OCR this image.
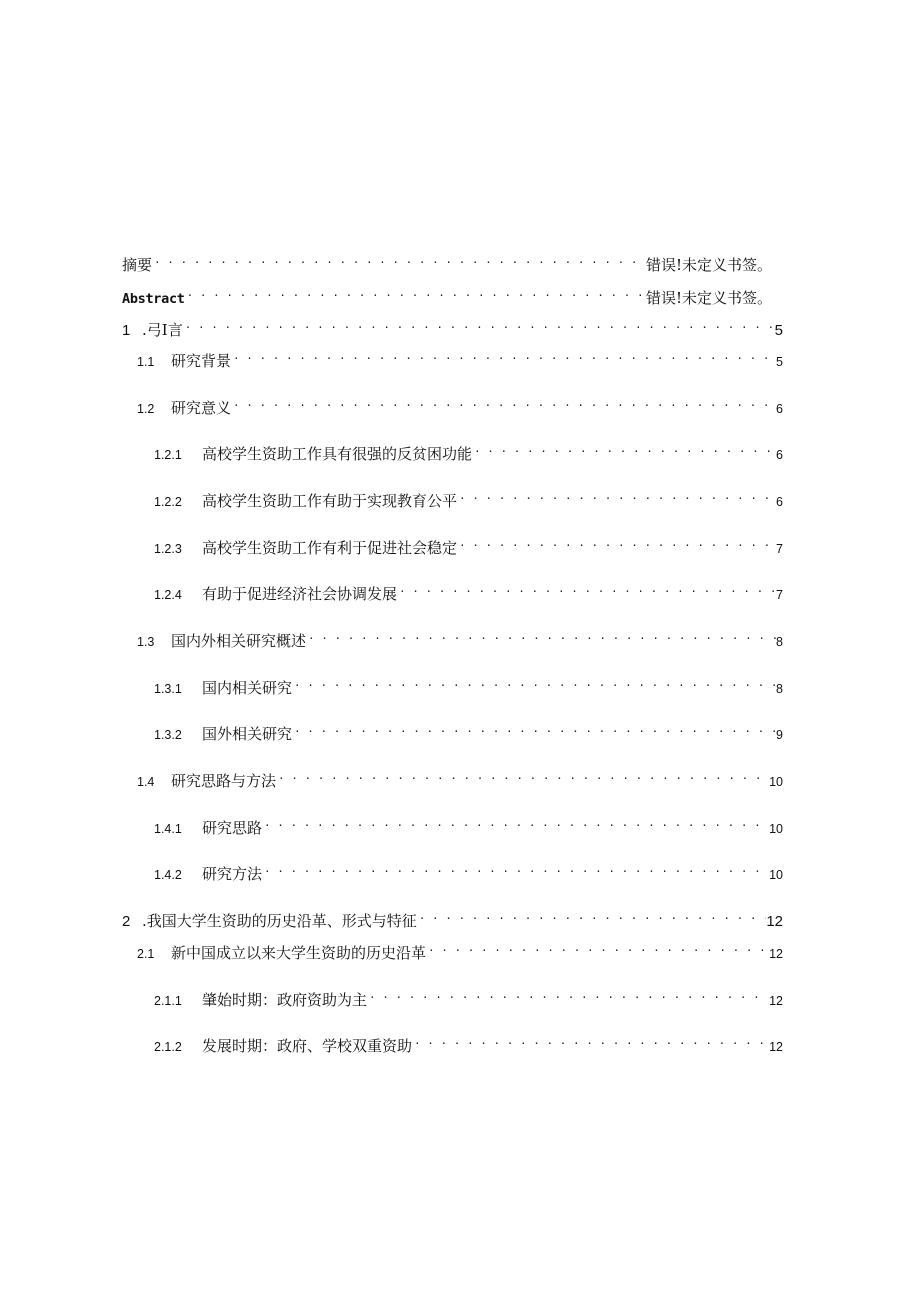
摘要 . . .	错误!未定义书签。
Abstract . . .	错误!未定义书签。
1 .弓I言 . . .	5
1.1	研究背景 . . .	5
1.2	研究意义 . . .	6
1.2.1	高校学生资助工作具有很强的反贫困功能 . . .	6
1.2.2	高校学生资助工作有助于实现教育公平 . . .	6
1.2.3	高校学生资助工作有利于促进社会稳定 . . .	7
1.2.4	有助于促进经济社会协调发展 . . .	7
1.3	国内外相关研究概述 . . .	8
1.3.1	国内相关研究 . . .	8
1.3.2	国外相关研究 . . .	9
1.4	研究思路与方法 . . .	10
1.4.1	研究思路 . . .	10
1.4.2	研究方法 . . .	10
2 .我国大学生资助的历史沿革、形式与特征 . . .	12
2.1	新中国成立以来大学生资助的历史沿革 . . .	12
2.1.1	肇始时期：政府资助为主 . . .	12
2.1.2	发展时期：政府、学校双重资助 . . .	12
